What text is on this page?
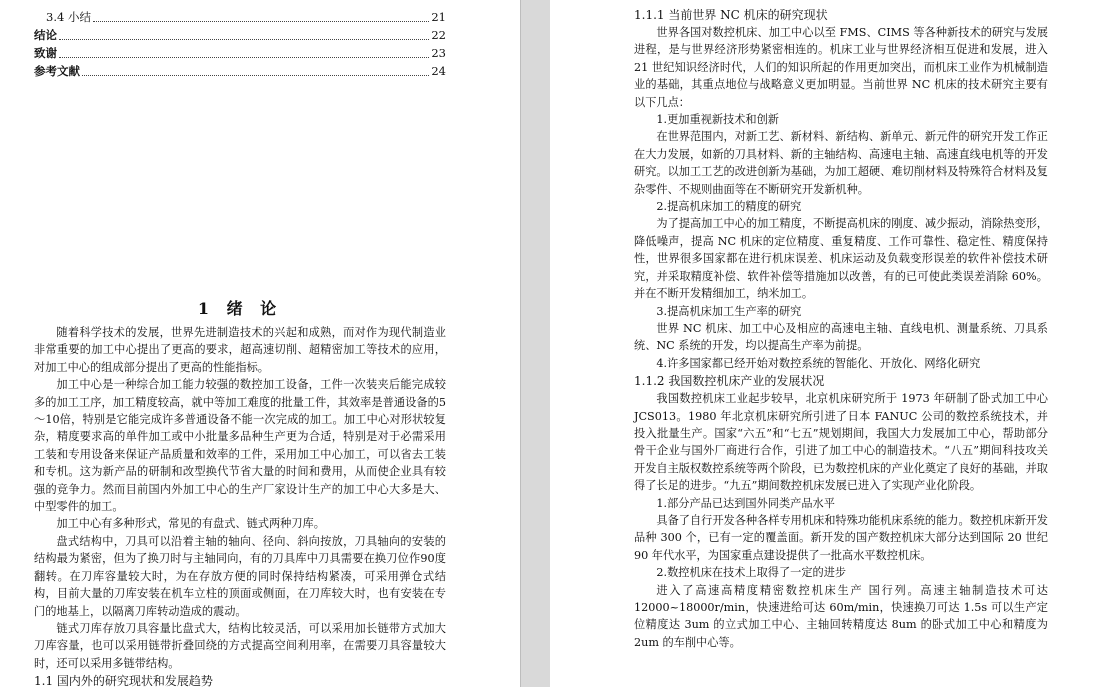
3.4 小结	21
结论	22
致谢	23
参考文献	24
1 绪 论

随着科学技术的发展，世界先进制造技术的兴起和成熟，而对作为现代制造业非常重要的加工中心提出了更高的要求，超高速切削、超精密加工等技术的应用，对加工中心的组成部分提出了更高的性能指标。

加工中心是一种综合加工能力较强的数控加工设备，工件一次装夹后能完成较多的加工工序，加工精度较高，就中等加工难度的批量工件，其效率是普通设备的5～10倍，特别是它能完成许多普通设备不能一次完成的加工。加工中心对形状较复杂，精度要求高的单件加工或中小批量多品种生产更为合适，特别是对于必需采用工装和专用设备来保证产品质量和效率的工件，采用加工中心加工，可以省去工装和专机。这为新产品的研制和改型换代节省大量的时间和费用，从而使企业具有较强的竞争力。然而目前国内外加工中心的生产厂家设计生产的加工中心大多是大、中型零件的加工。

加工中心有多种形式，常见的有盘式、链式两种刀库。

盘式结构中，刀具可以沿着主轴的轴向、径向、斜向按放，刀具轴向的安装的结构最为紧密，但为了换刀时与主轴同向，有的刀具库中刀具需要在换刀位作90度翻转。在刀库容量较大时，为在存放方便的同时保持结构紧凑，可采用弹仓式结构，目前大量的刀库安装在机车立柱的顶面或侧面，在刀库较大时，也有安装在专门的地基上，以隔离刀库转动造成的震动。

链式刀库存放刀具容量比盘式大，结构比较灵活，可以采用加长链带方式加大刀库容量，也可以采用链带折叠回绕的方式提高空间利用率，在需要刀具容量较大时，还可以采用多链带结构。

1.1 国内外的研究现状和发展趋势
1.1.1 当前世界 NC 机床的研究现状

世界各国对数控机床、加工中心以至 FMS、CIMS 等各种新技术的研究与发展进程，是与世界经济形势紧密相连的。机床工业与世界经济相互促进和发展，进入 21 世纪知识经济时代，人们的知识所起的作用更加突出，而机床工业作为机械制造业的基础，其重点地位与战略意义更加明显。当前世界 NC 机床的技术研究主要有以下几点：

1.更加重视新技术和创新

在世界范围内，对新工艺、新材料、新结构、新单元、新元件的研究开发工作正在大力发展，如新的刀具材料、新的主轴结构、高速电主轴、高速直线电机等的开发研究。以加工工艺的改进创新为基础，为加工超硬、难切削材料及特殊符合材料及复杂零件、不规则曲面等在不断研究开发新机种。

2.提高机床加工的精度的研究

为了提高加工中心的加工精度，不断提高机床的刚度、减少振动，消除热变形，降低噪声，提高 NC 机床的定位精度、重复精度、工作可靠性、稳定性、精度保持性，世界很多国家都在进行机床误差、机床运动及负载变形误差的软件补偿技术研究，并采取精度补偿、软件补偿等措施加以改善，有的已可使此类误差消除 60%。并在不断开发精细加工，纳米加工。

3.提高机床加工生产率的研究

世界 NC 机床、加工中心及相应的高速电主轴、直线电机、测量系统、刀具系统、NC 系统的开发，均以提高生产率为前提。

4.许多国家都已经开始对数控系统的智能化、开放化、网络化研究

1.1.2 我国数控机床产业的发展状况

我国数控机床工业起步较早，北京机床研究所于 1973 年研制了卧式加工中心 JCS013。1980 年北京机床研究所引进了日本 FANUC 公司的数控系统技术，并投入批量生产。国家“六五”和“七五”规划期间，我国大力发展加工中心，帮助部分骨干企业与国外厂商进行合作，引进了加工中心的制造技术。“八五”期间科技攻关开发自主版权数控系统等两个阶段，已为数控机床的产业化奠定了良好的基础，并取得了长足的进步。“九五”期间数控机床发展已进入了实现产业化阶段。

1.部分产品已达到国外同类产品水平

具备了自行开发各种各样专用机床和特殊功能机床系统的能力。数控机床新开发品种 300 个，已有一定的覆盖面。新开发的国产数控机床大部分达到国际 20 世纪 90 年代水平，为国家重点建设提供了一批高水平数控机床。

2.数控机床在技术上取得了一定的进步

进入了高速高精度精密数控机床生产 国行列。高速主轴制造技术可达 12000~18000r/min，快速进给可达 60m/min，快速换刀可达 1.5s 可以生产定位精度达 3um 的立式加工中心、主轴回转精度达 8um 的卧式加工中心和精度为 2um 的车削中心等。
